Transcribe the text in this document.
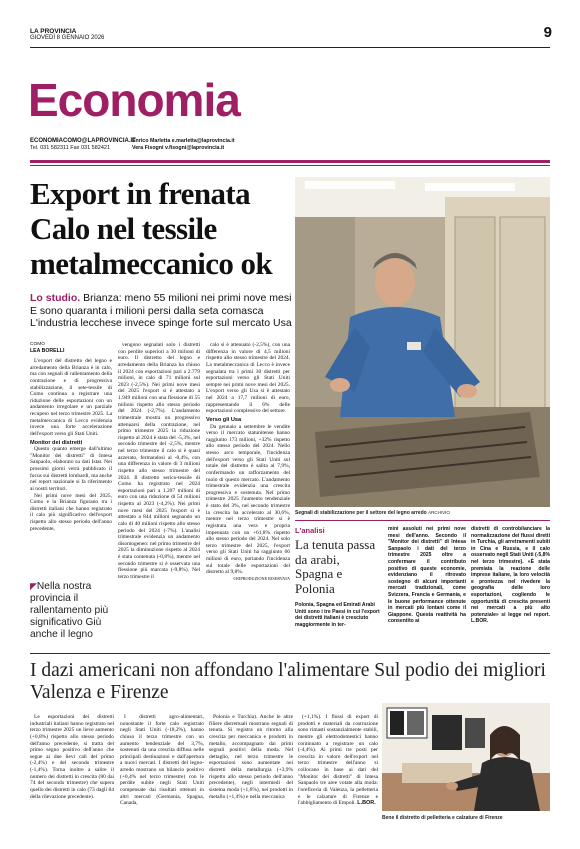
LA PROVINCIA
GIOVEDÌ 8 GENNAIO 2026	9
Economia
ECONOMIACOMO@LAPROVINCIA.IT
Tel. 031 582311 Fax 031 582421
Enrico Marletta e.marletta@laprovincia.it
Vera Fisogni v.fisogni@laprovincia.it
Export in frenata Calo nel tessile metalmeccanico ok
Lo studio. Brianza: meno 55 milioni nei primi nove mesi
E sono quaranta i milioni persi dalla seta comasca
L'industria lecchese invece spinge forte sul mercato Usa
COMO
LEA BORELLI

L'export del distretto del legno e arredamento della Brianza è in calo, ma con segnali di rallentamento della contrazione e di progressiva stabilizzazione, il sete-tessile di Como continua a registrare una riduzione delle esportazioni con un andamento irregolare e un parziale recupero nel terzo trimestre 2025. La metalmeccanica di Lecco evidenzia invece una forte accelerazione dell'export verso gli Stati Uniti.

Monitor dei distretti

Questo quanto emerge dall'ultimo "Monitor dei distretti" di Intesa Sanpaolo, elaborato su dati Istat. Nei prossimi giorni verrà pubblicato il focus sui distretti lombardi, ma anche nel report nazionale si fa riferimento ai nostri territori.

Nei primi nove mesi del 2025, Como e la Brianza figurano tra i distretti italiani che hanno registrato il calo più significativo dell'export rispetto allo stesso periodo dell'anno precedente,

◤Nella nostra provincia il rallentamento più significativo Giù anche il legno

vengono segnalati solo i distretti con perdite superiori a 30 milioni di euro. Il distretto del legno e arredamento della Brianza ha chiuso il 2024 con esportazioni pari a 2.779 milioni, in calo di 71 milioni sul 2023 (-2,5%). Nei primi nove mesi del 2025 l'export si è attestato a 1.949 milioni con una flessione di 55 milioni rispetto allo stesso periodo del 2024 (-2,7%). L'andamento trimestrale mostra un progressivo attenuarsi della contrazione, nel primo trimestre 2025 la riduzione rispetto al 2024 è stata del -5,3%, nel secondo trimestre del -2,5%, mentre nel terzo trimestre il calo si è quasi azzerato, fermandosi al -0,4%, con una differenza in valore di 3 milioni rispetto allo stesso trimestre del 2024. Il distretto serico-tessile di Como ha registrato nel 2024 esportazioni pari a 1.207 milioni di euro con una riduzione di 54 milioni rispetto al 2023 (-4,2%). Nei primi nove mesi del 2025 l'export si è attestato a 844 milioni segnando un calo di 40 milioni rispetto allo stesso periodo del 2024 (-7%). L'analisi trimestrale evidenzia un andamento disomogeneo: nel primo trimestre del 2025 la diminuzione rispetto al 2024 è stata contenuta (-0,8%), mentre nel secondo trimestre si è osservata una flessione più marcata (-9,8%). Nel terzo trimestre il

calo si è attenuato (-2,5%), con una differenza in valore di 4,5 milioni rispetto allo stesso trimestre del 2024. La metalmeccanica di Lecco è invece segnalata tra i primi 30 distretti per esportazioni verso gli Stati Uniti sempre nei primi nove mesi del 2025. L'export verso gli Usa si è attestato nel 2024 a 17,7 milioni di euro, rappresentando il 6% delle esportazioni complessive del settore.

Verso gli Usa

Da gennaio a settembre le vendite verso il mercato statunitense hanno raggiunto 173 milioni, +32% rispetto allo stesso periodo del 2024. Nello stesso arco temporale, l'incidenza dell'export verso gli Stati Uniti sul totale del distretto è salita al 7,9%, confermando un rafforzamento del ruolo di questo mercato. L'andamento trimestrale evidenzia una crescita progressiva e sostenuta. Nel primo trimestre 2025 l'aumento tendenziale è stato del 3%, nel secondo trimestre la crescita ha accelerato al 30,6%, mentre nel terzo trimestre si è registrata una vera e propria impennata con un +61,8% rispetto allo stesso periodo del 2024. Nel solo terzo trimestre del 2025, l'export verso gli Stati Uniti ha raggiunto 66 milioni di euro, portando l'incidenza sul totale delle esportazioni del distretto al 9,8%.

©RIPRODUZIONE RISERVATA
Segnali di stabilizzazione per il settore del legno arredo ARCHIVIO
L'analisi
La tenuta passa da arabi, Spagna e Polonia
Polonia, Spagna ed Emirati Arabi Uniti sono i tre Paesi in cui l'export dei distretti italiani è cresciuto maggiormente in ter-
mini assoluti nei primi nove mesi dell'anno. Secondo il "Monitor dei distretti" di Intesa Sanpaolo i dati del terzo trimestre 2025 oltre a confermare il contributo positivo di queste economie, evidenziano il ritrovato sostegno di alcuni importanti mercati tradizionali, come Svizzera, Francia e Germania, e le buone performance ottenute in mercati più lontani come il Giappone. Questa reattività ha consentito ai
distretti di controbilanciare la normalizzazione dei flussi diretti in Turchia, gli arretramenti subiti in Cina e Russia, e il calo osservato negli Stati Uniti (-5,8% nel terzo trimestre). «È stata premiata la reazione delle imprese italiane, la loro velocità e prontezza nel rivedere la geografia delle loro esportazioni, cogliendo le opportunità di crescita presenti nei mercati a più alto potenziale» si legge nel report. L.BOR.
I dazi americani non affondano l'alimentare Sul podio dei migliori Valenza e Firenze

Le esportazioni dei distretti industriali italiani hanno registrato nel terzo trimestre 2025 un lieve aumento (+0,8%) rispetto allo stesso periodo dell'anno precedente, si tratta del primo segno positivo dell'anno che segue ai due lievi cali del primo (-2,4%) e del secondo trimestre (-1,4%). Torna inoltre a salire il numero dei distretti in crescita (80 dai 74 del secondo trimestre) che supera quello dei distretti in calo (73 dagli 84 della rilevazione precedente).

I distretti agro-alimentari, nonostante il forte calo registrato negli Stati Uniti (-18,2%), hanno chiuso il terzo trimestre con un aumento tendenziale del 3,7%, sostenuti da una crescita diffusa nelle principali destinazioni e dall'apertura a nuovi mercati. I distretti del legno-arredo mostrano un bilancio positivo (+0,4% nel terzo trimestre) con le perdite subite negli Stati Uniti compensate dai risultati ottenuti in altri mercati (Germania, Spagna, Canada,

Polonia e Turchia). Anche le altre filiere distrettuali mostrano segnali di tenuta. Si registra un ritorno alla crescita per meccanica e prodotti in metallo, accompagnato dai primi segnali positivi della moda. Nel dettaglio, nel terzo trimestre le esportazioni sono aumentate nei distretti della metallurgia (+3,9% rispetto allo stesso periodo dell'anno precedente), negli intermedi del sistema moda (+1,6%), nei prodotti in metallo (+1,4%) e nella meccanica

(+1,1%). I flussi di export di prodotti e materiali da costruzione sono rimasti sostanzialmente stabili, mentre gli elettrodomestici hanno continuato a registrare un calo (-4,4%). Ai primi tre posti per crescita in valore dell'export nel terzo trimestre dell'anno si collocano in base ai dati del "Monitor dei distretti" di Intesa Sanpaolo tre aree votate alla moda: l'oreficeria di Valenza, la pelletteria e le calzature di Firenze e l'abbigliamento di Empoli. L.BOR.

Bene il distretto di pelletteria e calzature di Firenze
